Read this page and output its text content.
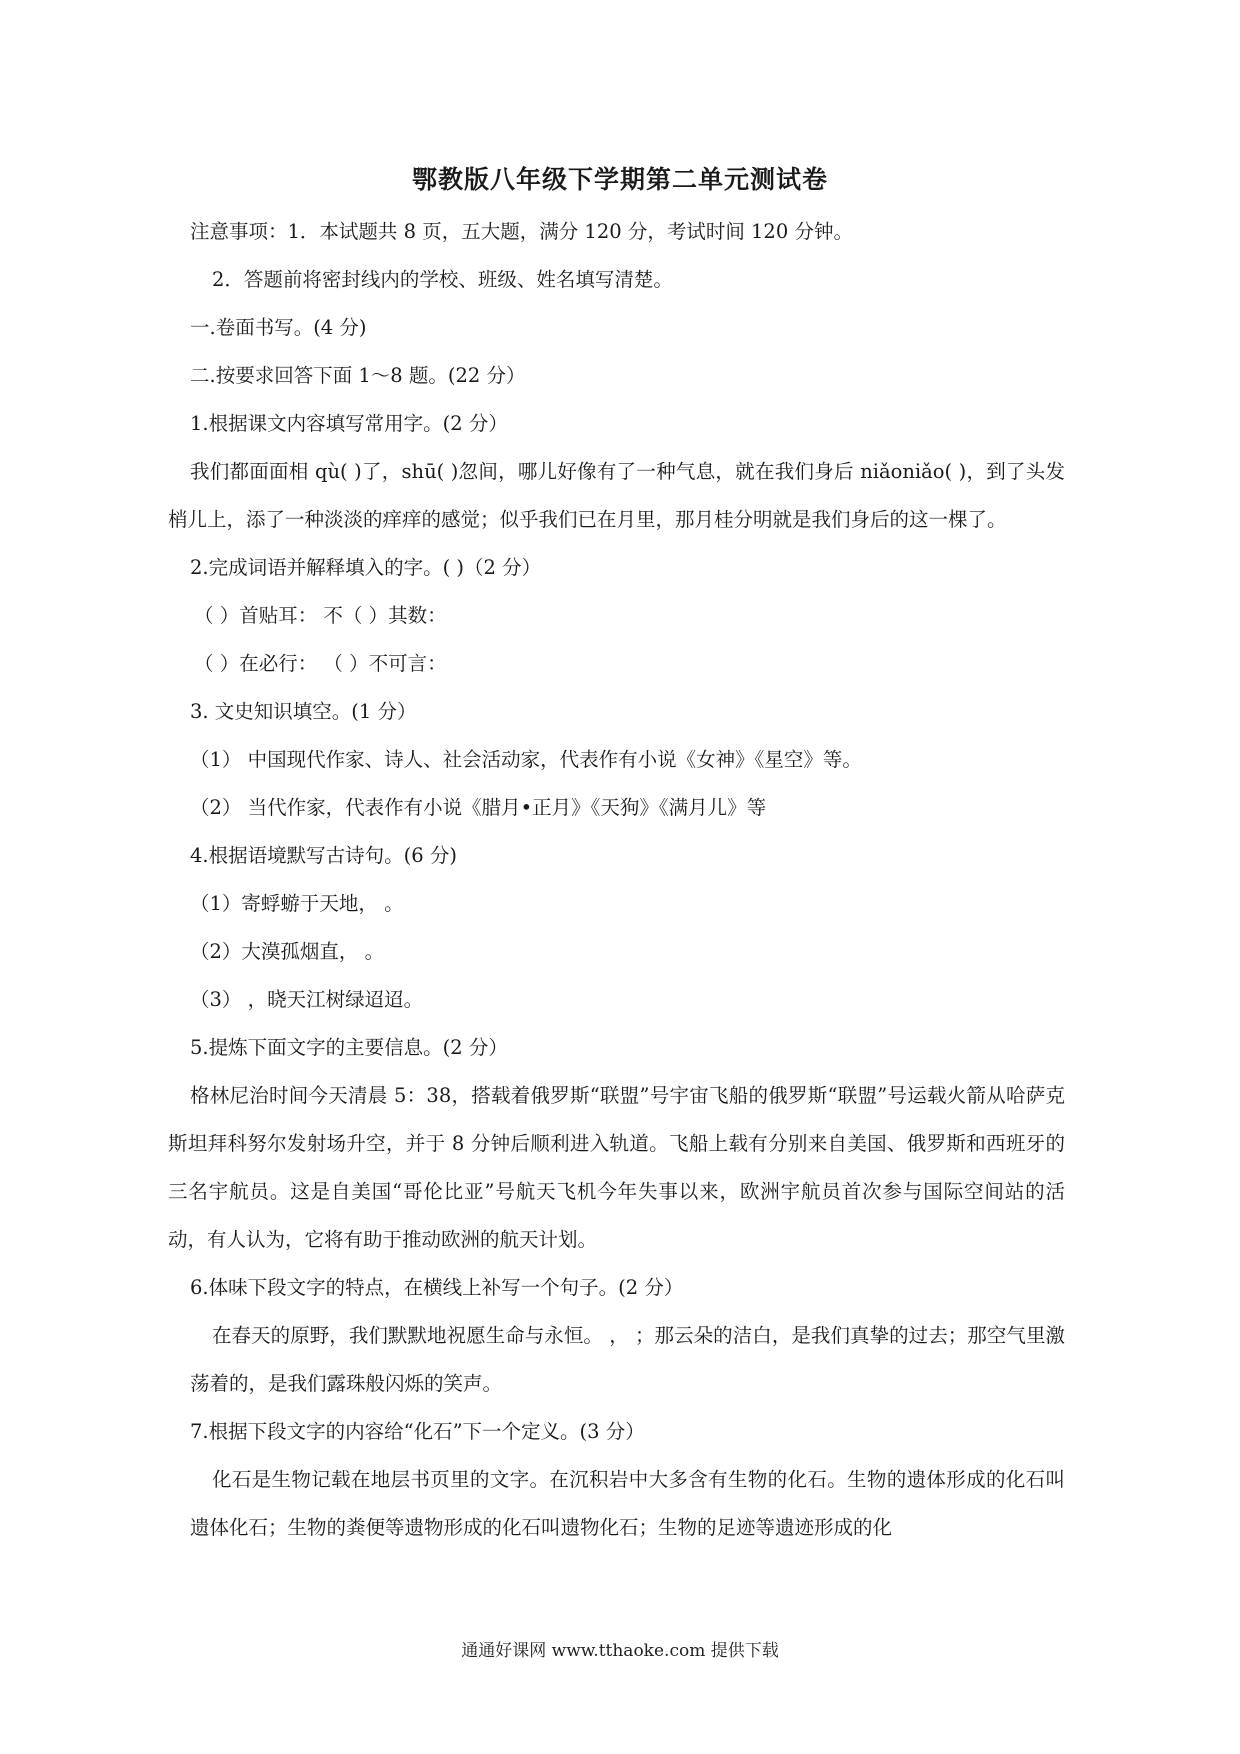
鄂教版八年级下学期第二单元测试卷
注意事项：1．本试题共 8 页，五大题，满分 120 分，考试时间 120 分钟。
2．答题前将密封线内的学校、班级、姓名填写清楚。
一.卷面书写。(4 分)
二.按要求回答下面 1～8 题。(22 分）
1.根据课文内容填写常用字。(2 分）
我们都面面相 qù( )了，shū( )忽间，哪儿好像有了一种气息，就在我们身后 niǎoniǎo( )，到了头发梢儿上，添了一种淡淡的痒痒的感觉；似乎我们已在月里，那月桂分明就是我们身后的这一棵了。
2.完成词语并解释填入的字。( )（2 分）
（ ）首贴耳： 不（ ）其数：
（ ）在必行： （ ）不可言：
3. 文史知识填空。(1 分）
（1） 中国现代作家、诗人、社会活动家，代表作有小说《女神》《星空》等。
（2） 当代作家，代表作有小说《腊月•正月》《天狗》《满月儿》等
4.根据语境默写古诗句。(6 分)
（1）寄蜉蝣于天地， 。
（2）大漠孤烟直， 。
（3） ，晓天江树绿迢迢。
5.提炼下面文字的主要信息。(2 分）
格林尼治时间今天清晨 5：38，搭载着俄罗斯“联盟”号宇宙飞船的俄罗斯“联盟”号运载火箭从哈萨克斯坦拜科努尔发射场升空，并于 8 分钟后顺利进入轨道。飞船上载有分别来自美国、俄罗斯和西班牙的三名宇航员。这是自美国“哥伦比亚”号航天飞机今年失事以来，欧洲宇航员首次参与国际空间站的活动，有人认为，它将有助于推动欧洲的航天计划。
6.体味下段文字的特点，在横线上补写一个句子。(2 分）
在春天的原野，我们默默地祝愿生命与永恒。 ， ；那云朵的洁白，是我们真挚的过去；那空气里激荡着的，是我们露珠般闪烁的笑声。
7.根据下段文字的内容给“化石”下一个定义。(3 分）
化石是生物记载在地层书页里的文字。在沉积岩中大多含有生物的化石。生物的遗体形成的化石叫遗体化石；生物的粪便等遗物形成的化石叫遗物化石；生物的足迹等遗迹形成的化
通通好课网 www.tthaoke.com 提供下载
